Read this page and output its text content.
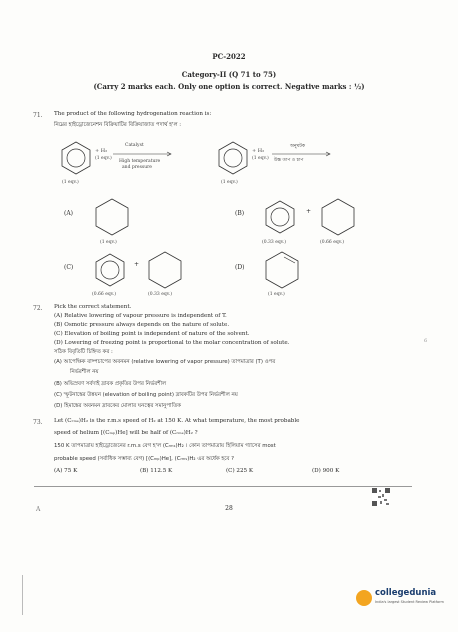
PC-2022
Category-II (Q 71 to 75)
(Carry 2 marks each. Only one option is correct. Negative marks : ½)
71. The product of the following hydrogenation reaction is:
নিম্নের হাইড্রোজেনেশন বিক্রিয়াটির বিক্রিয়াজাত পদার্থ হ'ল :
+ H₂
(1 eqv.)
Catalyst
High temperature
and pressure
(1 eqv.)
+ H₂
(1 eqv.)
অনুঘটক
উচ্চ তাপ ও চাপ
(1 eqv.)
(A)
(1 eqv.)
(B)	+
(0.33 eqv.)	(0.66 eqv.)
(C)	+
(0.66 eqv.)	(0.33 eqv.)
(D)
(1 eqv.)
72. Pick the correct statement.
(A) Relative lowering of vapour pressure is independent of T.
(B) Osmotic pressure always depends on the nature of solute.
(C) Elevation of boiling point is independent of nature of the solvent.
(D) Lowering of freezing point is proportional to the molar concentration of solute.
সঠিক বিবৃতিটি চিহ্নিত কর :
(A) আপেক্ষিক বাষ্পচাপের অবনমন (relative lowering of vapor pressure) তাপমাত্রার (T) ওপর
নির্ভরশীল নয়
(B) অভিস্রবণ সর্বদাই দ্রাবক প্রকৃতির উপর নির্ভরশীল
(C) স্ফুটনাঙ্কের উন্নয়ন (elevation of boiling point) দ্রাবকটির উপর নির্ভরশীল নয়
(D) হিমাঙ্কের অবনমন দ্রাবকের মোলার ঘনত্বের সমানুপাতিক
73. Let (Cᵣₘₛ)H₂ is the r.m.s speed of H₂ at 150 K. At what temperature, the most probable
speed of helium [(Cₘₚ)He] will be half of (Cᵣₘₛ)H₂ ?
150 K তাপমাত্রায় হাইড্রোজেনের r.m.s বেগ হ'ল (Cᵣₘₛ)H₂ । কোন তাপমাত্রায় হিলিয়াম গ্যাসের most
probable speed (সর্বাধিক সম্ভাব্য বেগ) [(Cₘₚ)He], (Cᵣₘₛ)H₂ এর অর্ধেক হবে ?
(A) 75 K	(B) 112.5 K	(C) 225 K	(D) 900 K
6
A	28
collegedunia
India's largest Student Review Platform
